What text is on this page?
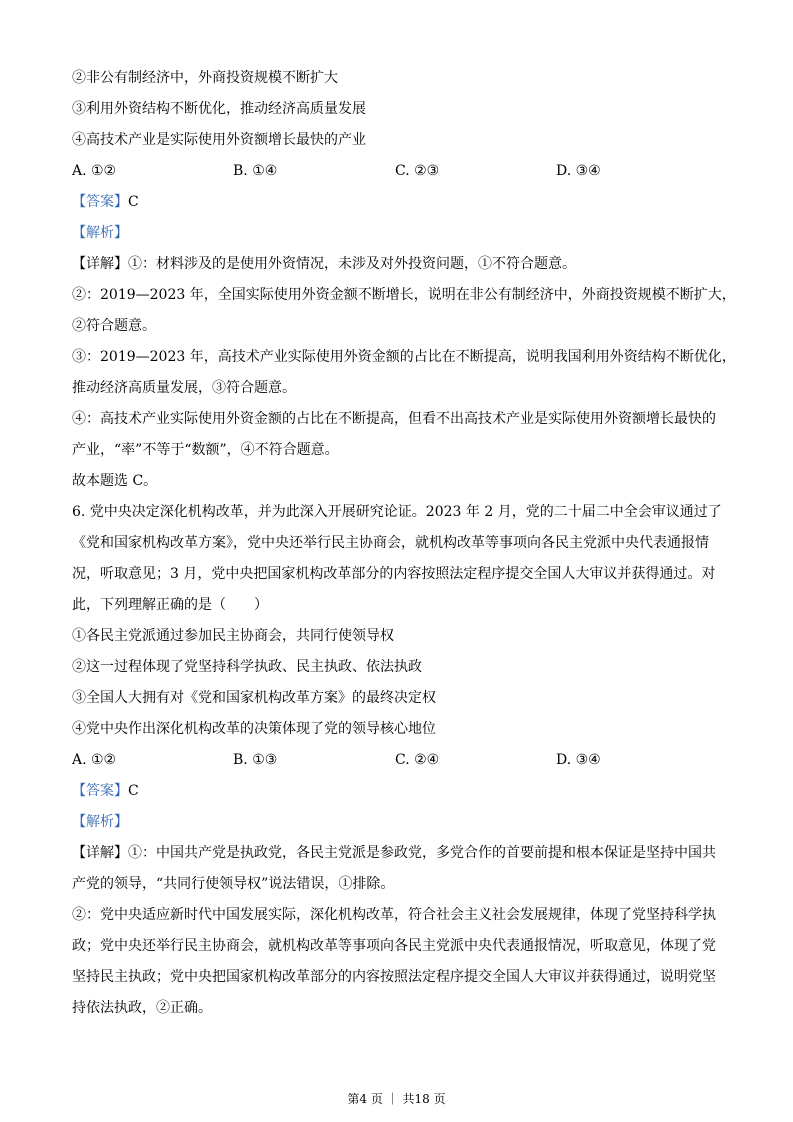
②非公有制经济中，外商投资规模不断扩大
③利用外资结构不断优化，推动经济高质量发展
④高技术产业是实际使用外资额增长最快的产业
A. ①②	B. ①④	C. ②③	D. ③④
【答案】C
【解析】
【详解】①：材料涉及的是使用外资情况，未涉及对外投资问题，①不符合题意。
②：2019—2023 年，全国实际使用外资金额不断增长，说明在非公有制经济中，外商投资规模不断扩大，
②符合题意。
③：2019—2023 年，高技术产业实际使用外资金额的占比在不断提高，说明我国利用外资结构不断优化，
推动经济高质量发展，③符合题意。
④：高技术产业实际使用外资金额的占比在不断提高，但看不出高技术产业是实际使用外资额增长最快的
产业，“率”不等于“数额”，④不符合题意。
故本题选 C。
6. 党中央决定深化机构改革，并为此深入开展研究论证。2023 年 2 月，党的二十届二中全会审议通过了
《党和国家机构改革方案》，党中央还举行民主协商会，就机构改革等事项向各民主党派中央代表通报情
况，听取意见；3 月，党中央把国家机构改革部分的内容按照法定程序提交全国人大审议并获得通过。对
此，下列理解正确的是（　　）
①各民主党派通过参加民主协商会，共同行使领导权
②这一过程体现了党坚持科学执政、民主执政、依法执政
③全国人大拥有对《党和国家机构改革方案》的最终决定权
④党中央作出深化机构改革的决策体现了党的领导核心地位
A. ①②	B. ①③	C. ②④	D. ③④
【答案】C
【解析】
【详解】①：中国共产党是执政党，各民主党派是参政党，多党合作的首要前提和根本保证是坚持中国共
产党的领导，“共同行使领导权”说法错误，①排除。
②：党中央适应新时代中国发展实际，深化机构改革，符合社会主义社会发展规律，体现了党坚持科学执
政；党中央还举行民主协商会，就机构改革等事项向各民主党派中央代表通报情况，听取意见，体现了党
坚持民主执政；党中央把国家机构改革部分的内容按照法定程序提交全国人大审议并获得通过，说明党坚
持依法执政，②正确。
第4 页 ｜ 共18 页
